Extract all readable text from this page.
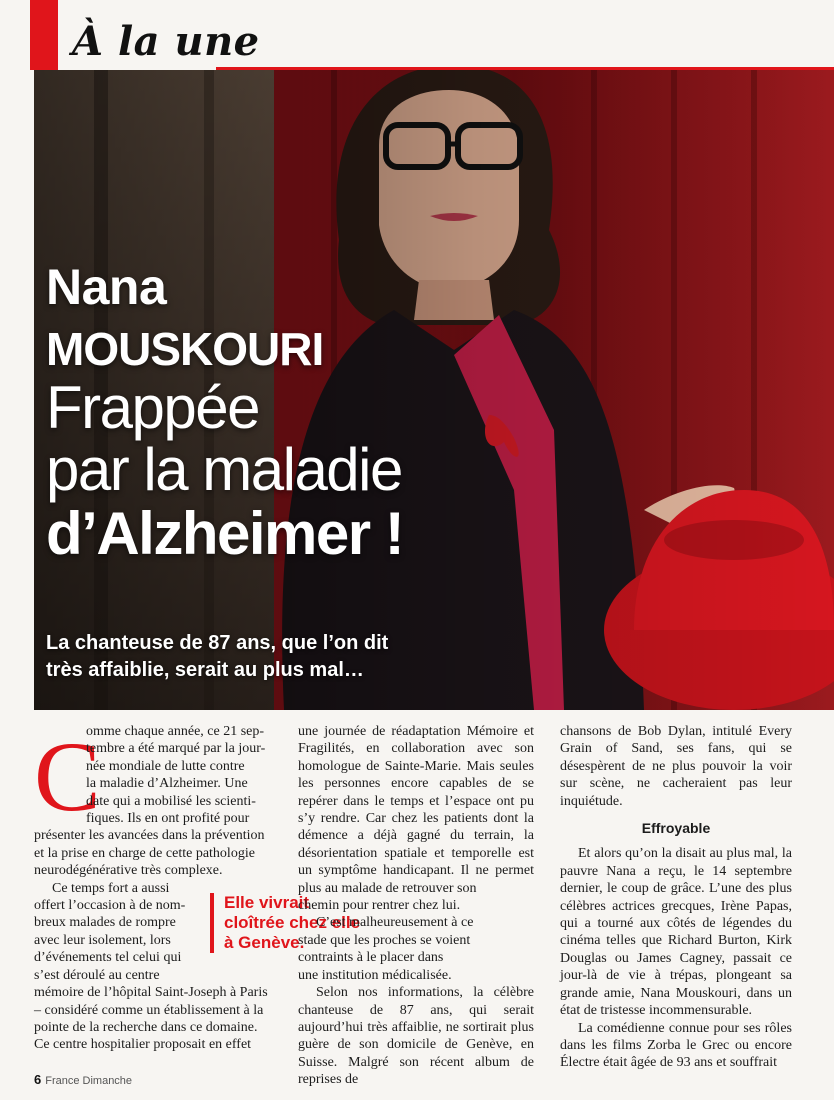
À la une
Nana
MOUSKOURI
Frappée
par la maladie
d’Alzheimer !
La chanteuse de 87 ans, que l’on dit
très affaiblie, serait au plus mal…
C
omme chaque année, ce 21 sep-
tembre a été marqué par la jour-
née mondiale de lutte contre
la maladie d’Alzheimer. Une
date qui a mobilisé les scienti-
fiques. Ils en ont profité pour
présenter les avancées dans la prévention
et la prise en charge de cette pathologie
neurodégénérative très complexe.
Ce temps fort a aussi
offert l’occasion à de nom-
breux malades de rompre
avec leur isolement, lors
d’événements tel celui qui
s’est déroulé au centre
mémoire de l’hôpital Saint-Joseph à Paris
– considéré comme un établissement à la
pointe de la recherche dans ce domaine.
Ce centre hospitalier proposait en effet
Elle vivrait cloîtrée chez elle à Genève.

une journée de réadaptation Mémoire et Fragilités, en collaboration avec son homologue de Sainte-Marie. Mais seules les personnes encore capables de se repérer dans le temps et l’espace ont pu s’y rendre. Car chez les patients dont la démence a déjà gagné du terrain, la désorientation spatiale et temporelle est un symptôme handicapant. Il ne permet plus au malade de retrouver son

chemin pour rentrer chez lui.
C’est malheureusement à ce
stade que les proches se voient
contraints à le placer dans
une institution médicalisée.

Selon nos informations, la célèbre chanteuse de 87 ans, qui serait aujourd’hui très affaiblie, ne sortirait plus guère de son domicile de Genève, en Suisse. Malgré son récent album de reprises de

chansons de Bob Dylan, intitulé Every Grain of Sand, ses fans, qui se désespèrent de ne plus pouvoir la voir sur scène, ne cacheraient pas leur inquiétude.

Effroyable

Et alors qu’on la disait au plus mal, la pauvre Nana a reçu, le 14 septembre dernier, le coup de grâce. L’une des plus célèbres actrices grecques, Irène Papas, qui a tourné aux côtés de légendes du cinéma telles que Richard Burton, Kirk Douglas ou James Cagney, passait ce jour-là de vie à trépas, plongeant sa grande amie, Nana Mouskouri, dans un état de tristesse incommensurable.

La comédienne connue pour ses rôles dans les films Zorba le Grec ou encore Électre était âgée de 93 ans et souffrait

6 France Dimanche
